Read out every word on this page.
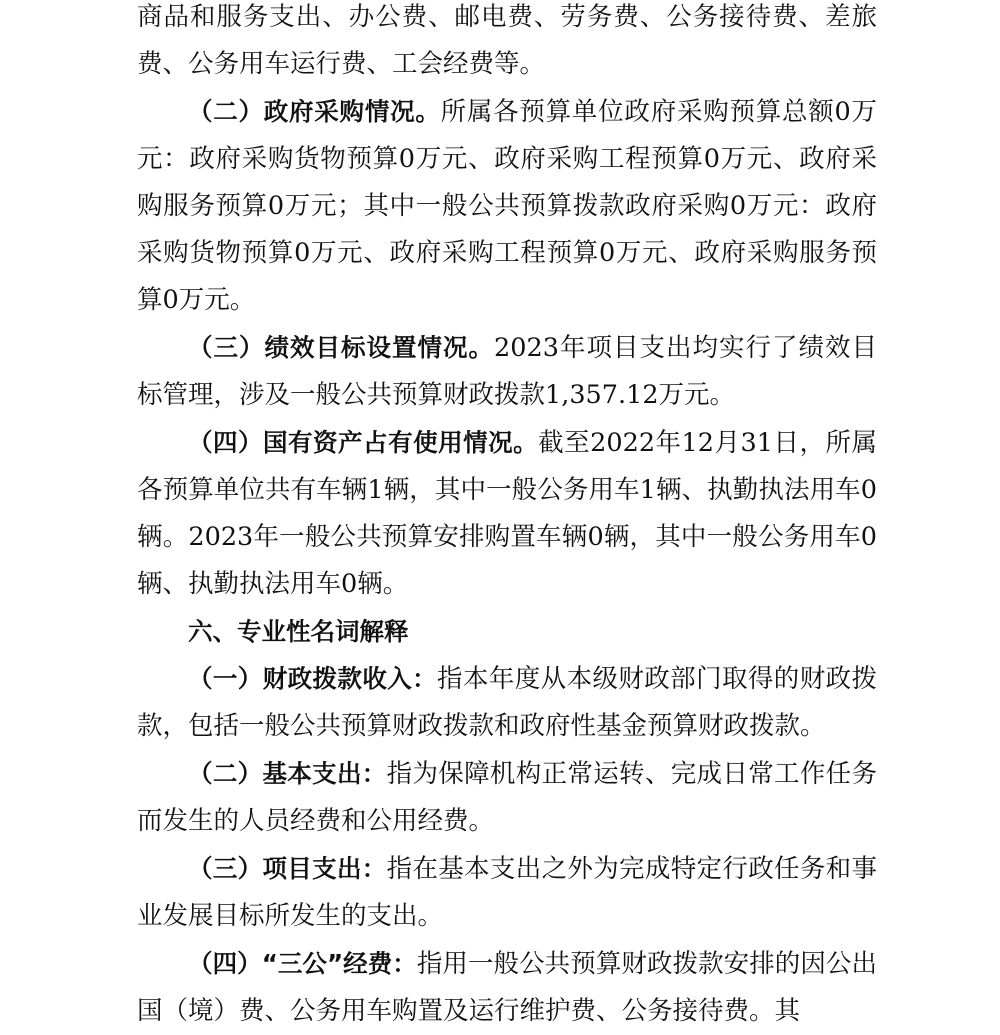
商品和服务支出、办公费、邮电费、劳务费、公务接待费、差旅费、公务用车运行费、工会经费等。

（二）政府采购情况。所属各预算单位政府采购预算总额0万元：政府采购货物预算0万元、政府采购工程预算0万元、政府采购服务预算0万元；其中一般公共预算拨款政府采购0万元：政府采购货物预算0万元、政府采购工程预算0万元、政府采购服务预算0万元。

（三）绩效目标设置情况。2023年项目支出均实行了绩效目标管理，涉及一般公共预算财政拨款1,357.12万元。

（四）国有资产占有使用情况。截至2022年12月31日，所属各预算单位共有车辆1辆，其中一般公务用车1辆、执勤执法用车0辆。2023年一般公共预算安排购置车辆0辆，其中一般公务用车0辆、执勤执法用车0辆。

六、专业性名词解释

（一）财政拨款收入：指本年度从本级财政部门取得的财政拨款，包括一般公共预算财政拨款和政府性基金预算财政拨款。

（二）基本支出：指为保障机构正常运转、完成日常工作任务而发生的人员经费和公用经费。

（三）项目支出：指在基本支出之外为完成特定行政任务和事业发展目标所发生的支出。

（四）“三公”经费：指用一般公共预算财政拨款安排的因公出国（境）费、公务用车购置及运行维护费、公务接待费。其
